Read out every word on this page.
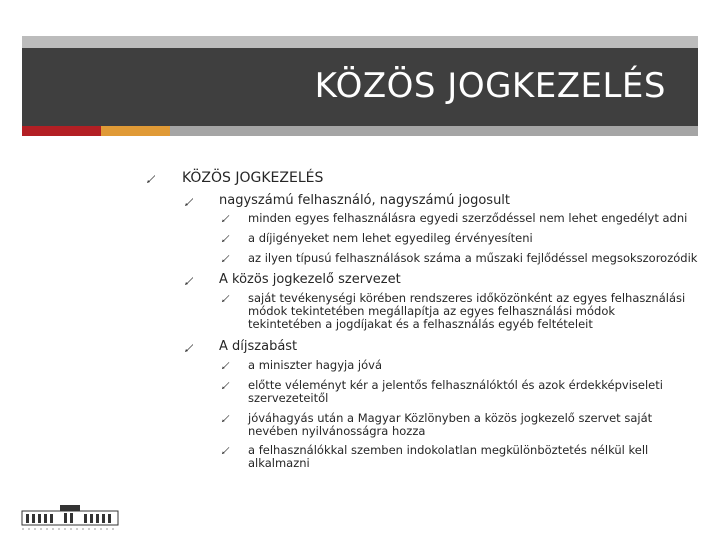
KÖZÖS JOGKEZELÉS
KÖZÖS JOGKEZELÉS
nagyszámú felhasználó, nagyszámú jogosult
minden egyes felhasználásra egyedi szerződéssel nem lehet engedélyt adni
a díjigényeket nem lehet egyedileg érvényesíteni
az ilyen típusú felhasználások száma a műszaki fejlődéssel megsokszorozódik
A közös jogkezelő szervezet
saját tevékenységi körében rendszeres időközönként az egyes felhasználási módok tekintetében megállapítja az egyes felhasználási módok tekintetében a jogdíjakat és a felhasználás egyéb feltételeit
A díjszabást
a miniszter hagyja jóvá
előtte véleményt kér a jelentős felhasználóktól és azok érdekképviseleti szervezeteitől
jóváhagyás után a Magyar Közlönyben a közös jogkezelő szervet saját nevében nyilvánosságra hozza
a felhasználókkal szemben indokolatlan megkülönböztetés nélkül kell alkalmazni
